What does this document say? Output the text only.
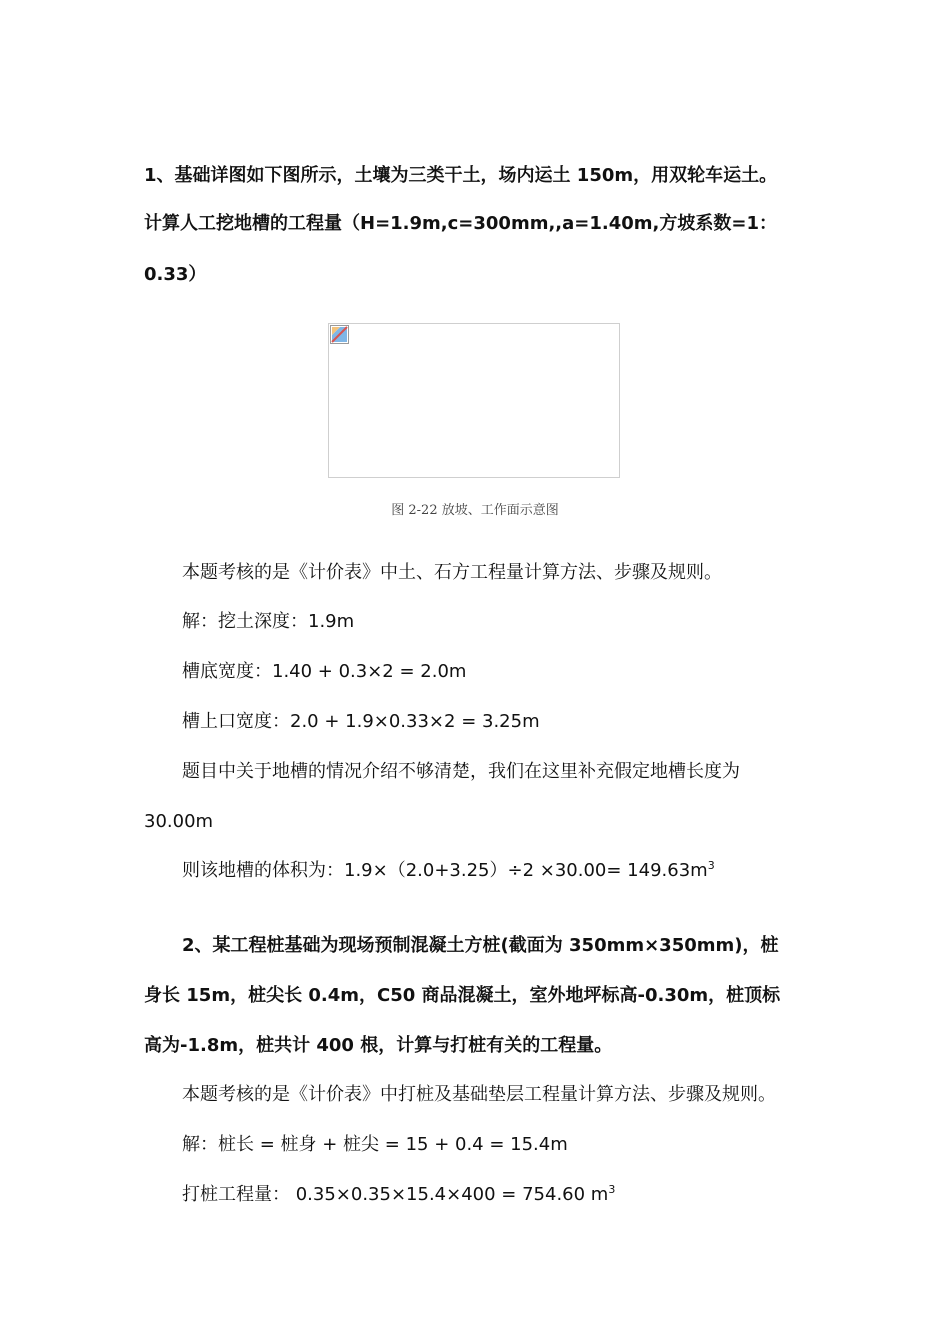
1、基础详图如下图所示，土壤为三类干土，场内运土 150m，用双轮车运土。
计算人工挖地槽的工程量（H=1.9m,c=300mm,,a=1.40m,方坡系数=1：
0.33）
图 2-22 放坡、工作面示意图
本题考核的是《计价表》中土、石方工程量计算方法、步骤及规则。
解：挖土深度：1.9m
槽底宽度：1.40 + 0.3×2 = 2.0m
槽上口宽度：2.0 + 1.9×0.33×2 = 3.25m
题目中关于地槽的情况介绍不够清楚，我们在这里补充假定地槽长度为
30.00m
则该地槽的体积为：$1.9\times(2.0+3.25)\div 2 \times 30.00= 149.63m^3$
2、某工程桩基础为现场预制混凝土方桩(截面为 350mm×350mm)，桩
身长 15m，桩尖长 0.4m，C50 商品混凝土，室外地坪标高-0.30m，桩顶标
高为-1.8m，桩共计 400 根，计算与打桩有关的工程量。
本题考核的是《计价表》中打桩及基础垫层工程量计算方法、步骤及规则。
解：桩长 = 桩身 + 桩尖 = 15 + 0.4 = 15.4m
打桩工程量： 0.35×0.35×15.4×400 = 754.60 $m^3$
